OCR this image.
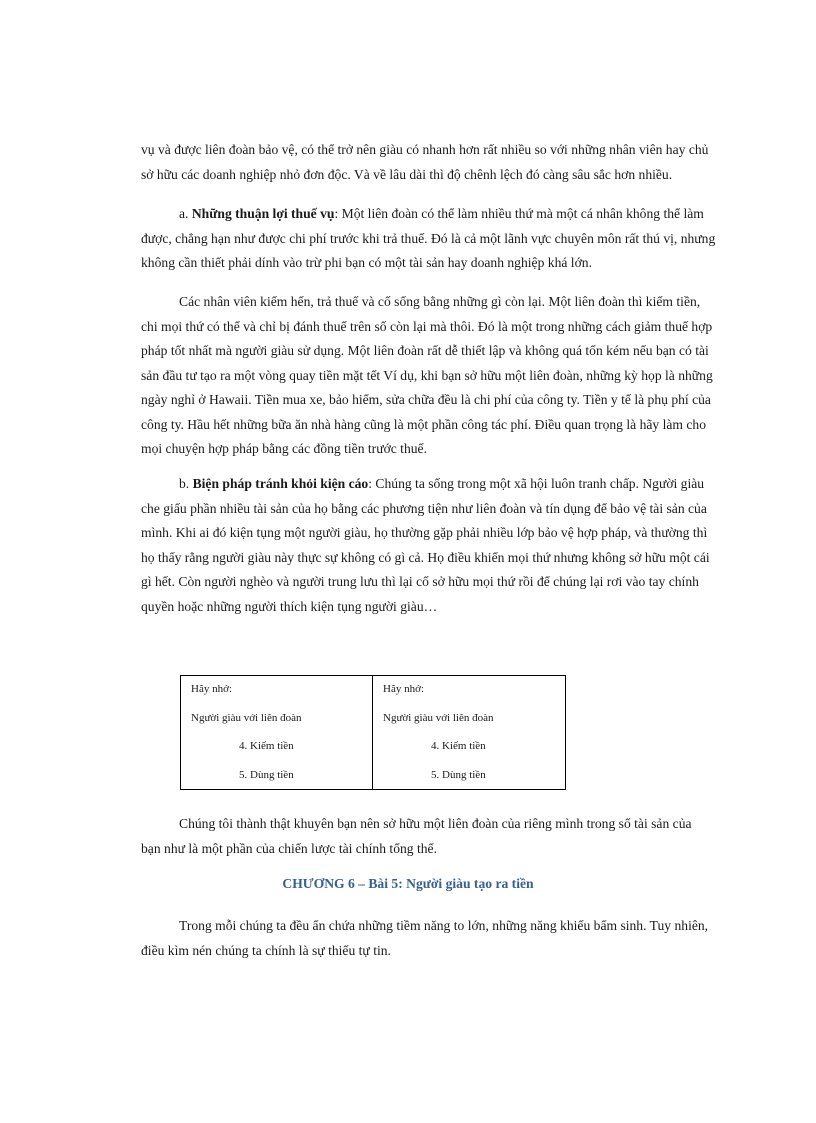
vụ và được liên đoàn bảo vệ, có thể trở nên giàu có nhanh hơn rất nhiều so với những nhân viên hay chủ
sở hữu các doanh nghiệp nhỏ đơn độc. Và về lâu dài thì độ chênh lệch đó càng sâu sắc hơn nhiều.
a. Những thuận lợi thuế vụ: Một liên đoàn có thể làm nhiều thứ mà một cá nhân không thể làm
được, chẳng hạn như được chi phí trước khi trả thuế. Đó là cả một lãnh vực chuyên môn rất thú vị, nhưng
không cần thiết phải dính vào trừ phi bạn có một tài sản hay doanh nghiệp khá lớn.
Các nhân viên kiếm hến, trả thuế và cố sống bằng những gì còn lại. Một liên đoàn thì kiếm tiền,
chi mọi thứ có thể và chỉ bị đánh thuế trên số còn lại mà thôi. Đó là một trong những cách giảm thuế hợp
pháp tốt nhất mà người giàu sử dụng. Một liên đoàn rất dễ thiết lập và không quá tốn kém nếu bạn có tài
sản đầu tư tạo ra một vòng quay tiền mặt tết Ví dụ, khi bạn sở hữu một liên đoàn, những kỳ họp là những
ngày nghỉ ở Hawaii. Tiền mua xe, bảo hiểm, sửa chữa đều là chi phí của công ty. Tiền y tế là phụ phí của
công ty. Hầu hết những bữa ăn nhà hàng cũng là một phần công tác phí. Điều quan trọng là hãy làm cho
mọi chuyện hợp pháp bằng các đồng tiền trước thuế.
b. Biện pháp tránh khỏi kiện cáo: Chúng ta sống trong một xã hội luôn tranh chấp. Người giàu
che giấu phần nhiều tài sản của họ bằng các phương tiện như liên đoàn và tín dụng để bảo vệ tài sản của
mình. Khi ai đó kiện tụng một người giàu, họ thường gặp phải nhiều lớp bảo vệ hợp pháp, và thường thì
họ thấy rằng người giàu này thực sự không có gì cả. Họ điều khiển mọi thứ nhưng không sở hữu một cái
gì hết. Còn người nghèo và người trung lưu thì lại cố sở hữu mọi thứ rồi để chúng lại rơi vào tay chính
quyền hoặc những người thích kiện tụng người giàu…
Hãy nhớ:
Người giàu với liên đoàn
4. Kiếm tiền
5. Dùng tiền
Hãy nhớ:
Người giàu với liên đoàn
4. Kiếm tiền
5. Dùng tiền
Chúng tôi thành thật khuyên bạn nên sở hữu một liên đoàn của riêng mình trong số tài sản của
bạn như là một phần của chiến lược tài chính tổng thể.
CHƯƠNG 6 – Bài 5: Người giàu tạo ra tiền
Trong mỗi chúng ta đều ẩn chứa những tiềm năng to lớn, những năng khiếu bẩm sinh. Tuy nhiên,
điều kìm nén chúng ta chính là sự thiếu tự tin.
